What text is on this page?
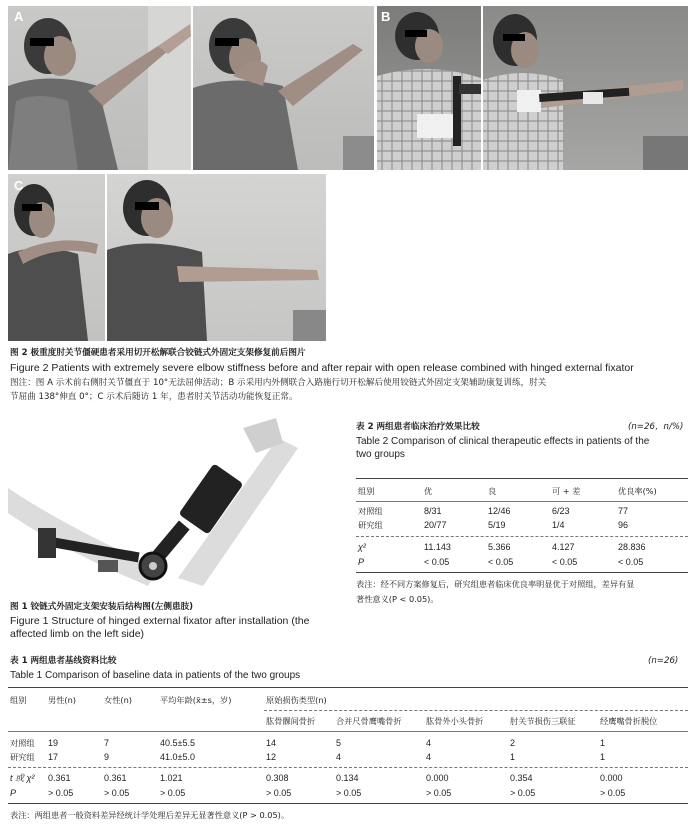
A	B
C
图 2 极重度肘关节僵硬患者采用切开松解联合铰链式外固定支架修复前后图片
Figure 2 Patients with extremely severe elbow stiffness before and after repair with open release combined with hinged external fixator
图注：图 A 示术前右侧肘关节僵直于 10°无法屈伸活动；B 示采用内外侧联合入路施行切开松解后使用铰链式外固定支架辅助康复训练，肘关
节屈曲 138°伸直 0°；C 示术后随访 1 年，患者肘关节活动功能恢复正常。
图 1 铰链式外固定支架安装后结构图(左侧患肢)
Figure 1 Structure of hinged external fixator after installation (the
affected limb on the left side)
表 2 两组患者临床治疗效果比较	(n=26，n/%)
Table 2 Comparison of clinical therapeutic effects in patients of the
two groups
组别	优	良	可 + 差	优良率(%)
对照组	8/31	12/46	6/23	77
研究组	20/77	5/19	1/4	96
χ²	11.143	5.366	4.127	28.836
P	< 0.05	< 0.05	< 0.05	< 0.05
表注：经不同方案修复后，研究组患者临床优良率明显优于对照组，差异有显
著性意义(P < 0.05)。
表 1 两组患者基线资料比较	(n=26)
Table 1 Comparison of baseline data in patients of the two groups
组别	男性(n)	女性(n)	平均年龄(x̄±s，岁)	原始损伤类型(n)
肱骨髁间骨折	合并尺骨鹰嘴骨折	肱骨外小头骨折	肘关节损伤三联征	经鹰嘴骨折脱位
对照组 19	7	40.5±5.5	14	5	4	2	1
研究组 17	9	41.0±5.0	12	4	4	1	1
t 或 χ² 0.361	0.361	1.021	0.308	0.134	0.000	0.354	0.000
P	> 0.05	> 0.05	> 0.05	> 0.05	> 0.05	> 0.05	> 0.05	> 0.05
表注：两组患者一般资料差异经统计学处理后差异无显著性意义(P > 0.05)。
